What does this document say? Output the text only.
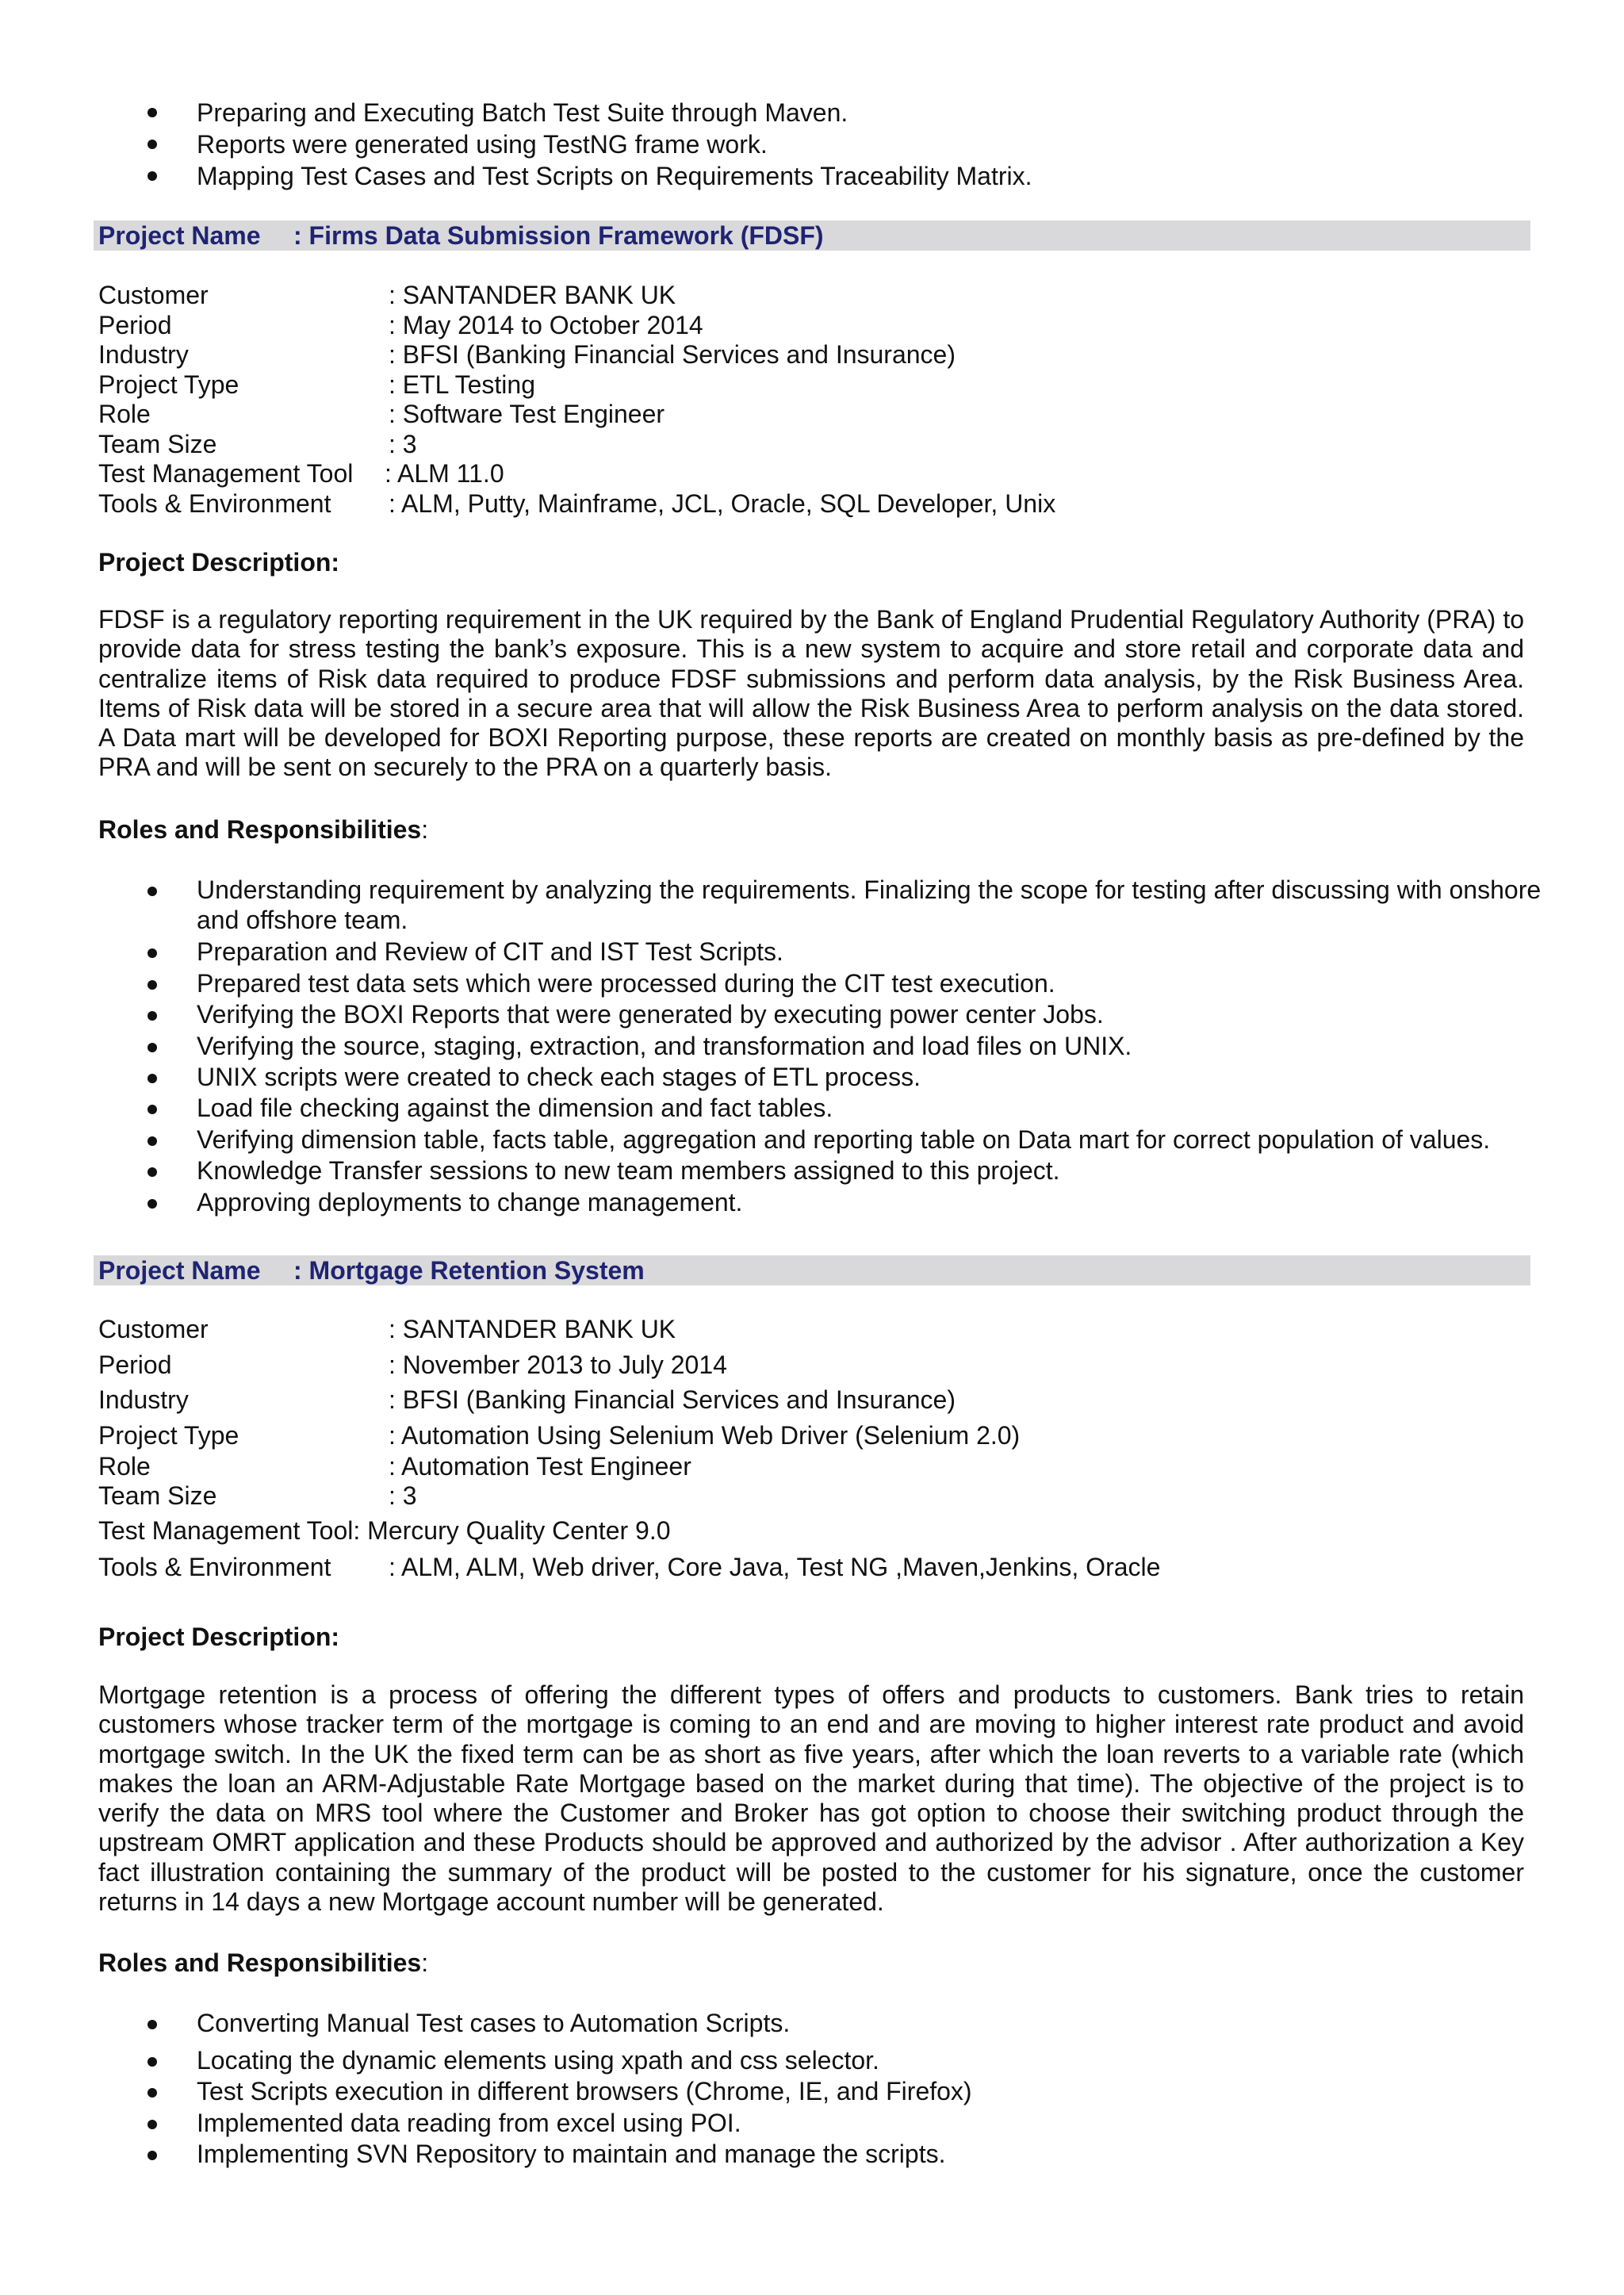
Preparing and Executing Batch Test Suite through Maven.
Reports were generated using TestNG frame work.
Mapping Test Cases and Test Scripts on Requirements Traceability Matrix.
Project Name : Firms Data Submission Framework (FDSF)
Customer	: SANTANDER BANK UK
Period	: May 2014 to October 2014
Industry	: BFSI (Banking Financial Services and Insurance)
Project Type	: ETL Testing
Role	: Software Test Engineer
Team Size	: 3
Test Management Tool : ALM 11.0
Tools & Environment : ALM, Putty, Mainframe, JCL, Oracle, SQL Developer, Unix
Project Description:
FDSF is a regulatory reporting requirement in the UK required by the Bank of England Prudential Regulatory Authority (PRA) to provide data for stress testing the bank’s exposure. This is a new system to acquire and store retail and corporate data and centralize items of Risk data required to produce FDSF submissions and perform data analysis, by the Risk Business Area. Items of Risk data will be stored in a secure area that will allow the Risk Business Area to perform analysis on the data stored. A Data mart will be developed for BOXI Reporting purpose, these reports are created on monthly basis as pre-defined by the PRA and will be sent on securely to the PRA on a quarterly basis.
Roles and Responsibilities:
Understanding requirement by analyzing the requirements. Finalizing the scope for testing after discussing with onshore and offshore team.
Preparation and Review of CIT and IST Test Scripts.
Prepared test data sets which were processed during the CIT test execution.
Verifying the BOXI Reports that were generated by executing power center Jobs.
Verifying the source, staging, extraction, and transformation and load files on UNIX.
UNIX scripts were created to check each stages of ETL process.
Load file checking against the dimension and fact tables.
Verifying dimension table, facts table, aggregation and reporting table on Data mart for correct population of values.
Knowledge Transfer sessions to new team members assigned to this project.
Approving deployments to change management.
Project Name : Mortgage Retention System
Customer	: SANTANDER BANK UK
Period	: November 2013 to July 2014
Industry	: BFSI (Banking Financial Services and Insurance)
Project Type	: Automation Using Selenium Web Driver (Selenium 2.0)
Role	: Automation Test Engineer
Team Size	: 3
Test Management Tool: Mercury Quality Center 9.0
Tools & Environment : ALM, ALM, Web driver, Core Java, Test NG ,Maven,Jenkins, Oracle
Project Description:
Mortgage retention is a process of offering the different types of offers and products to customers. Bank tries to retain customers whose tracker term of the mortgage is coming to an end and are moving to higher interest rate product and avoid mortgage switch. In the UK the fixed term can be as short as five years, after which the loan reverts to a variable rate (which makes the loan an ARM-Adjustable Rate Mortgage based on the market during that time). The objective of the project is to verify the data on MRS tool where the Customer and Broker has got option to choose their switching product through the upstream OMRT application and these Products should be approved and authorized by the advisor . After authorization a Key fact illustration containing the summary of the product will be posted to the customer for his signature, once the customer returns in 14 days a new Mortgage account number will be generated.
Roles and Responsibilities:
Converting Manual Test cases to Automation Scripts.
Locating the dynamic elements using xpath and css selector.
Test Scripts execution in different browsers (Chrome, IE, and Firefox)
Implemented data reading from excel using POI.
Implementing SVN Repository to maintain and manage the scripts.
